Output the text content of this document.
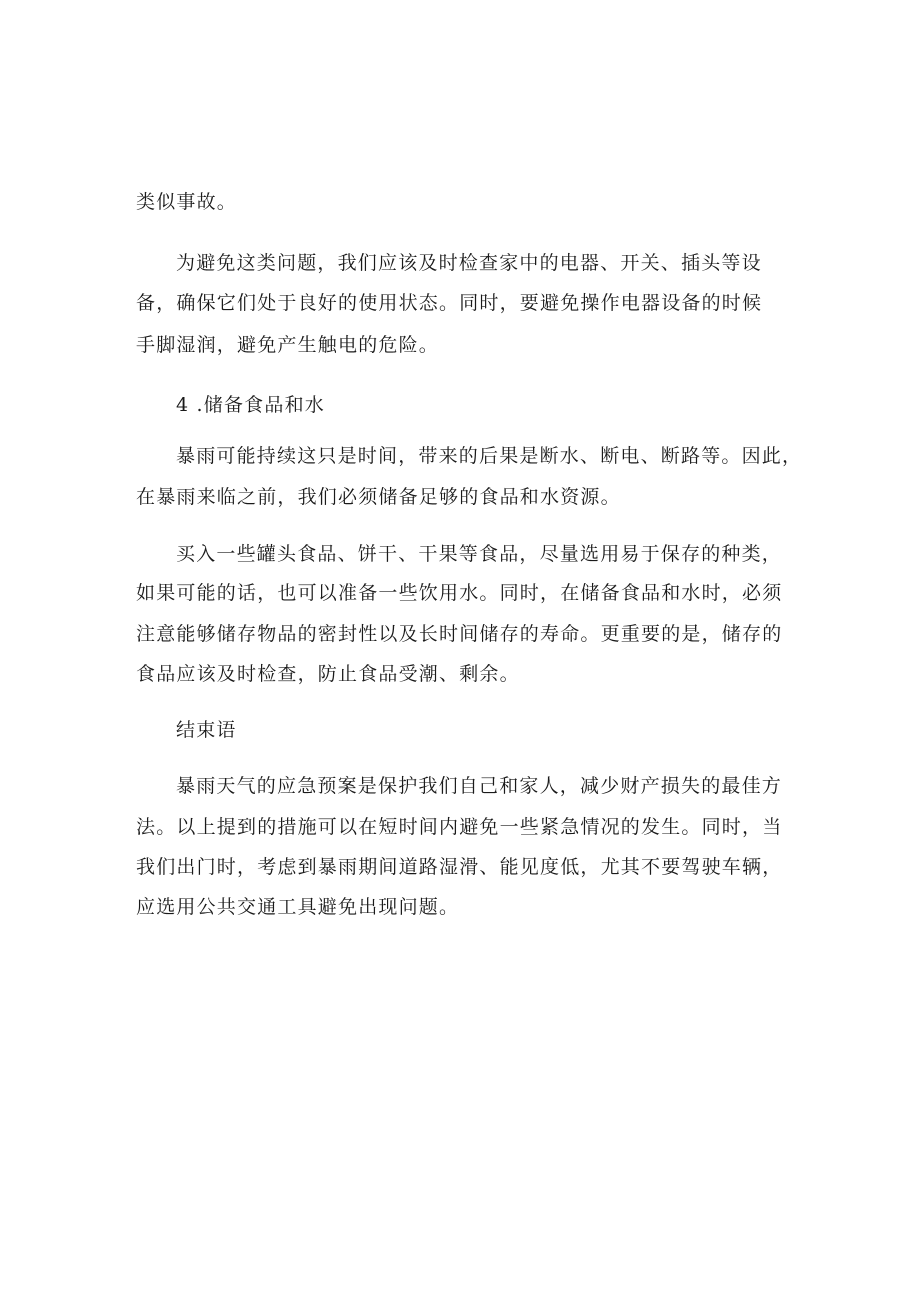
类似事故。
为避免这类问题，我们应该及时检查家中的电器、开关、插头等设
备，确保它们处于良好的使用状态。同时，要避免操作电器设备的时候
手脚湿润，避免产生触电的危险。
4 .储备食品和水
暴雨可能持续这只是时间，带来的后果是断水、断电、断路等。因此，
在暴雨来临之前，我们必须储备足够的食品和水资源。
买入一些罐头食品、饼干、干果等食品，尽量选用易于保存的种类，
如果可能的话，也可以准备一些饮用水。同时，在储备食品和水时，必须
注意能够储存物品的密封性以及长时间储存的寿命。更重要的是，储存的
食品应该及时检查，防止食品受潮、剩余。
结束语
暴雨天气的应急预案是保护我们自己和家人，减少财产损失的最佳方
法。以上提到的措施可以在短时间内避免一些紧急情况的发生。同时，当
我们出门时，考虑到暴雨期间道路湿滑、能见度低，尤其不要驾驶车辆，
应选用公共交通工具避免出现问题。
